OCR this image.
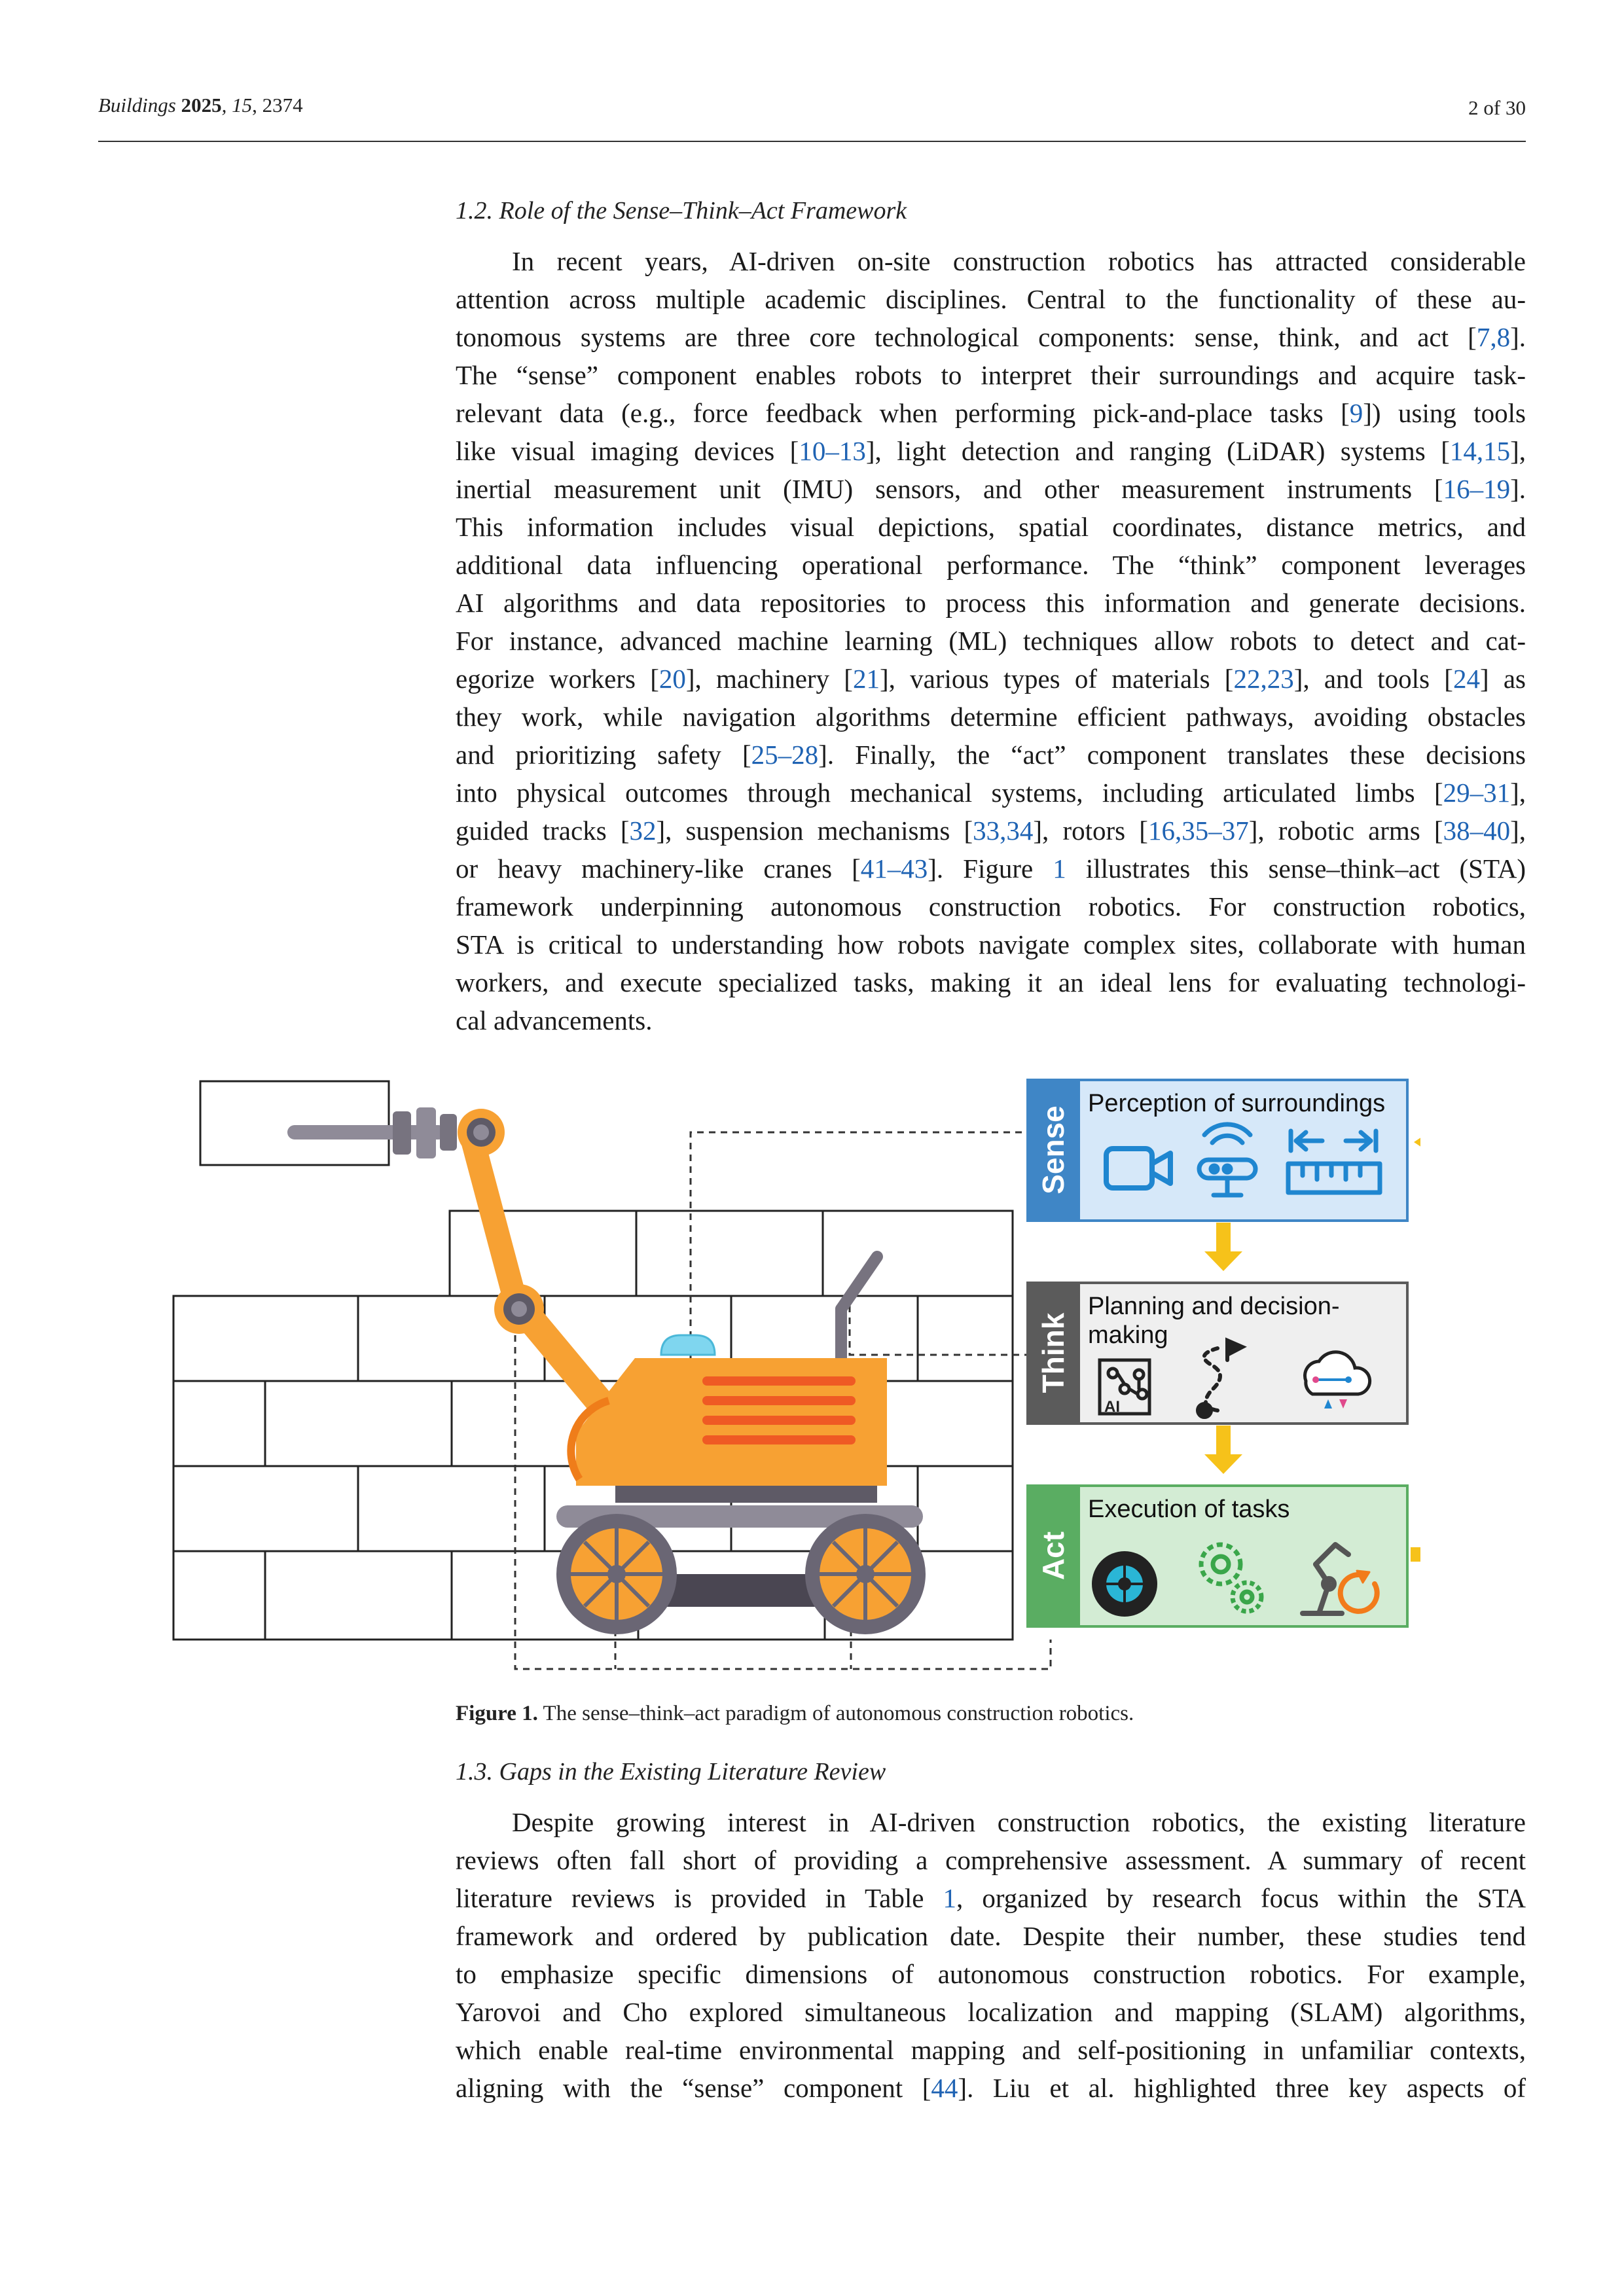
Buildings 2025, 15, 2374	2 of 30
1.2. Role of the Sense–Think–Act Framework
In recent years, AI-driven on-site construction robotics has attracted considerable
attention across multiple academic disciplines. Central to the functionality of these au-
tonomous systems are three core technological components: sense, think, and act [7,8].
The “sense” component enables robots to interpret their surroundings and acquire task-
relevant data (e.g., force feedback when performing pick-and-place tasks [9]) using tools
like visual imaging devices [10–13], light detection and ranging (LiDAR) systems [14,15],
inertial measurement unit (IMU) sensors, and other measurement instruments [16–19].
This information includes visual depictions, spatial coordinates, distance metrics, and
additional data influencing operational performance. The “think” component leverages
AI algorithms and data repositories to process this information and generate decisions.
For instance, advanced machine learning (ML) techniques allow robots to detect and cat-
egorize workers [20], machinery [21], various types of materials [22,23], and tools [24] as
they work, while navigation algorithms determine efficient pathways, avoiding obstacles
and prioritizing safety [25–28]. Finally, the “act” component translates these decisions
into physical outcomes through mechanical systems, including articulated limbs [29–31],
guided tracks [32], suspension mechanisms [33,34], rotors [16,35–37], robotic arms [38–40],
or heavy machinery-like cranes [41–43]. Figure 1 illustrates this sense–think–act (STA)
framework underpinning autonomous construction robotics. For construction robotics,
STA is critical to understanding how robots navigate complex sites, collaborate with human
workers, and execute specialized tasks, making it an ideal lens for evaluating technologi-
cal advancements.
Sense
Perception of surroundings
Think
Planning and decision-
making
AI
Act
Execution of tasks
Figure 1. The sense–think–act paradigm of autonomous construction robotics.
1.3. Gaps in the Existing Literature Review
Despite growing interest in AI-driven construction robotics, the existing literature
reviews often fall short of providing a comprehensive assessment. A summary of recent
literature reviews is provided in Table 1, organized by research focus within the STA
framework and ordered by publication date. Despite their number, these studies tend
to emphasize specific dimensions of autonomous construction robotics. For example,
Yarovoi and Cho explored simultaneous localization and mapping (SLAM) algorithms,
which enable real-time environmental mapping and self-positioning in unfamiliar contexts,
aligning with the “sense” component [44]. Liu et al. highlighted three key aspects of
